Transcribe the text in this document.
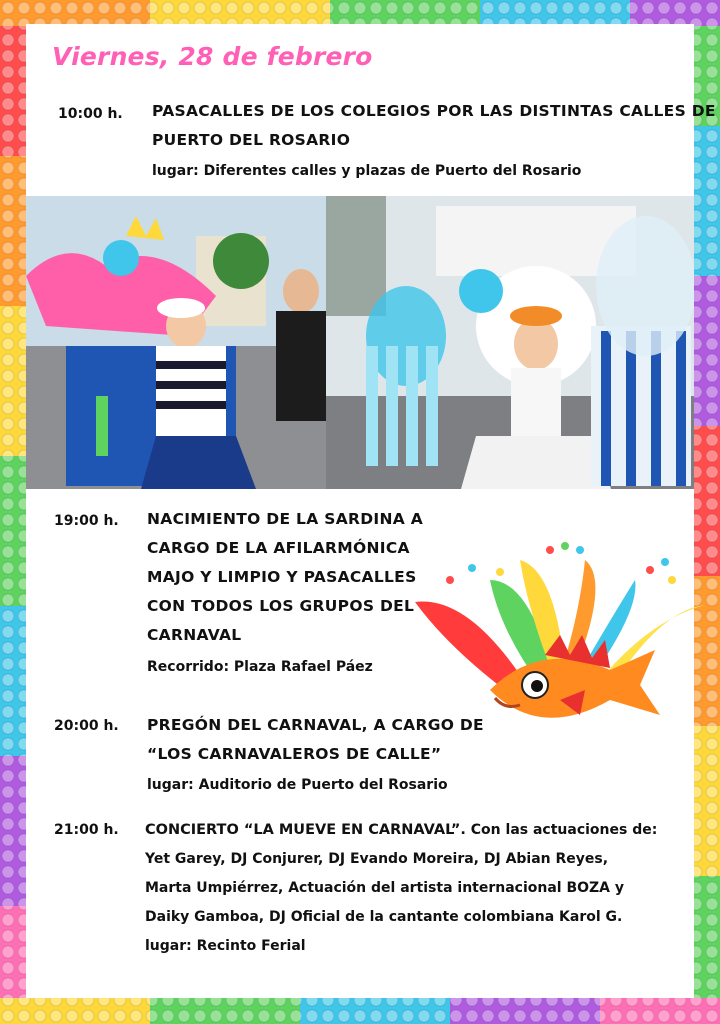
Viernes, 28 de febrero
10:00 h. PASACALLES DE LOS COLEGIOS POR LAS DISTINTAS CALLES DE
PUERTO DEL ROSARIO

lugar: Diferentes calles y plazas de Puerto del Rosario
19:00 h. NACIMIENTO DE LA SARDINA A
CARGO DE LA AFILARMÓNICA
MAJO Y LIMPIO Y PASACALLES
CON TODOS LOS GRUPOS DEL
CARNAVAL

Recorrido: Plaza Rafael Páez
20:00 h. PREGÓN DEL CARNAVAL, A CARGO DE
“LOS CARNAVALEROS DE CALLE”

lugar: Auditorio de Puerto del Rosario
21:00 h. CONCIERTO “LA MUEVE EN CARNAVAL”. Con las actuaciones de:
Yet Garey, DJ Conjurer, DJ Evando Moreira, DJ Abian Reyes,
Marta Umpiérrez, Actuación del artista internacional BOZA y
Daiky Gamboa, DJ Oficial de la cantante colombiana Karol G.
lugar: Recinto Ferial
